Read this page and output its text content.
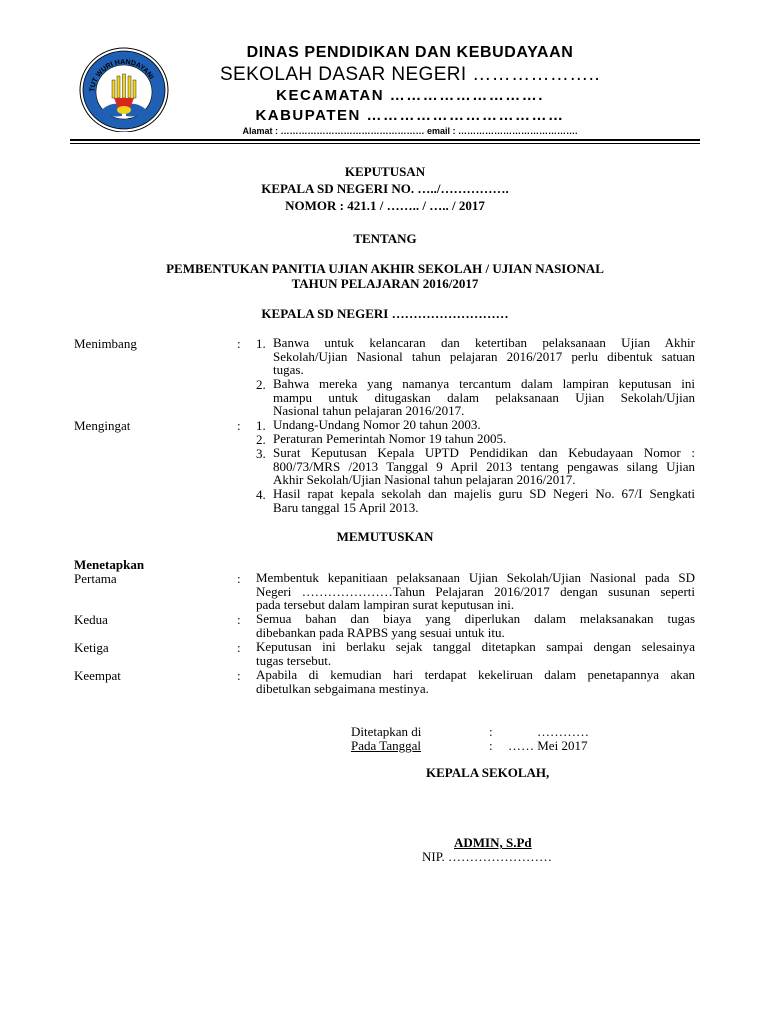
TUT WURI HANDAYANI
DINAS PENDIDIKAN DAN KEBUDAYAAN
SEKOLAH DASAR NEGERI ………………..
KECAMATAN ……………………….
KABUPATEN ………………………………
Alamat : ………………………………………… email : ………………………………….
KEPUTUSAN
KEPALA SD NEGERI NO. …../…………….
NOMOR : 421.1 / …….. / ….. / 2017
TENTANG
PEMBENTUKAN PANITIA UJIAN AKHIR SEKOLAH / UJIAN NASIONAL
TAHUN PELAJARAN 2016/2017
KEPALA SD NEGERI ………………………
Menimbang	: 1. Banwa untuk kelancaran dan ketertiban pelaksanaan Ujian Akhir
Sekolah/Ujian Nasional tahun pelajaran 2016/2017 perlu dibentuk satuan
tugas.
2. Bahwa mereka yang namanya tercantum dalam lampiran keputusan ini
mampu untuk ditugaskan dalam pelaksanaan Ujian Sekolah/Ujian
Nasional tahun pelajaran 2016/2017.
Mengingat	: 1. Undang-Undang Nomor 20 tahun 2003.
2. Peraturan Pemerintah Nomor 19 tahun 2005.
3. Surat Keputusan Kepala UPTD Pendidikan dan Kebudayaan Nomor :
800/73/MRS /2013 Tanggal 9 April 2013 tentang pengawas silang Ujian
Akhir Sekolah/Ujian Nasional tahun pelajaran 2016/2017.
4. Hasil rapat kepala sekolah dan majelis guru SD Negeri No. 67/I Sengkati
Baru tanggal 15 April 2013.
MEMUTUSKAN
Menetapkan
Pertama	: Membentuk kepanitiaan pelaksanaan Ujian Sekolah/Ujian Nasional pada SD
Negeri …………………Tahun Pelajaran 2016/2017 dengan susunan seperti
pada tersebut dalam lampiran surat keputusan ini.
Kedua	: Semua bahan dan biaya yang diperlukan dalam melaksanakan tugas
dibebankan pada RAPBS yang sesuai untuk itu.
Ketiga	: Keputusan ini berlaku sejak tanggal ditetapkan sampai dengan selesainya
tugas tersebut.
Keempat	: Apabila di kemudian hari terdapat kekeliruan dalam penetapannya akan
dibetulkan sebgaimana mestinya.
Ditetapkan di	:	…………
Pada Tanggal	: …… Mei 2017
KEPALA SEKOLAH,
ADMIN, S.Pd
NIP. ……………………
